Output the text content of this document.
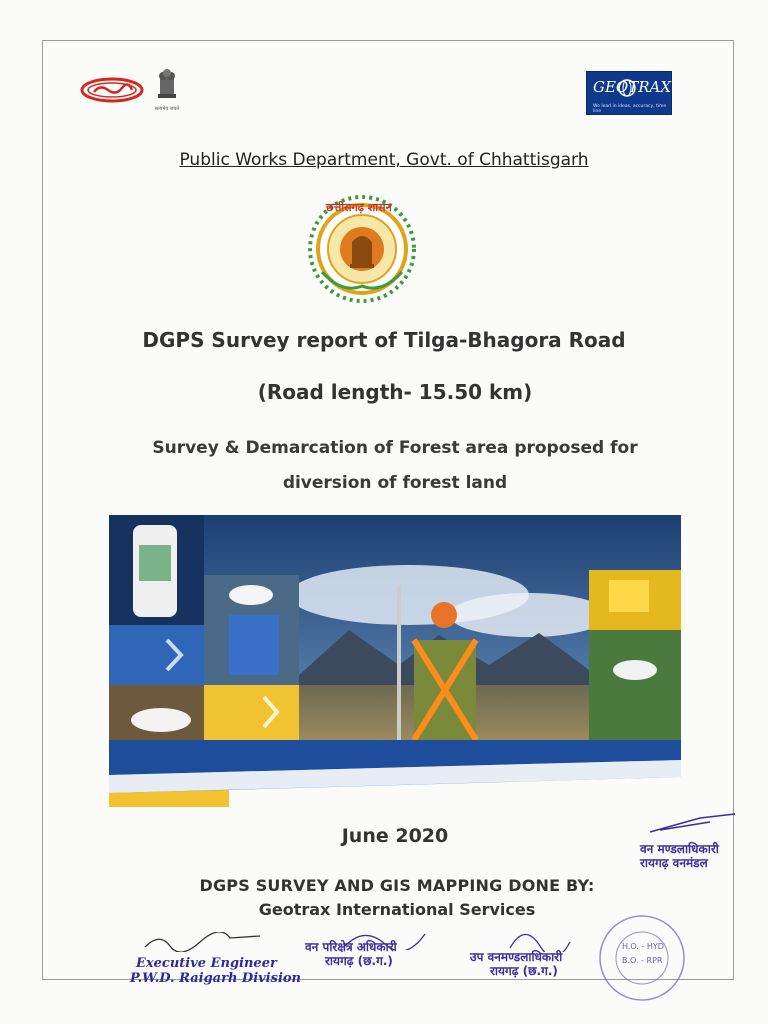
सत्यमेव जयते
GEOTRAX
We lead in ideas, accuracy, time line
Public Works Department, Govt. of Chhattisgarh
छत्तीसगढ़ शासन
DGPS Survey report of Tilga-Bhagora Road
(Road length- 15.50 km)
Survey & Demarcation of Forest area proposed for
diversion of forest land
June 2020
DGPS SURVEY AND GIS MAPPING DONE BY:
Geotrax International Services
वन मण्डलाधिकारी
रायगढ़ वनमंडल
Executive Engineer
P.W.D. Raigarh Division
वन परिक्षेत्र अधिकारी
रायगढ़ (छ.ग.)	उप वनमण्डलाधिकारी
रायगढ़ (छ.ग.)
H.O. - HYD
B.O. - RPR
